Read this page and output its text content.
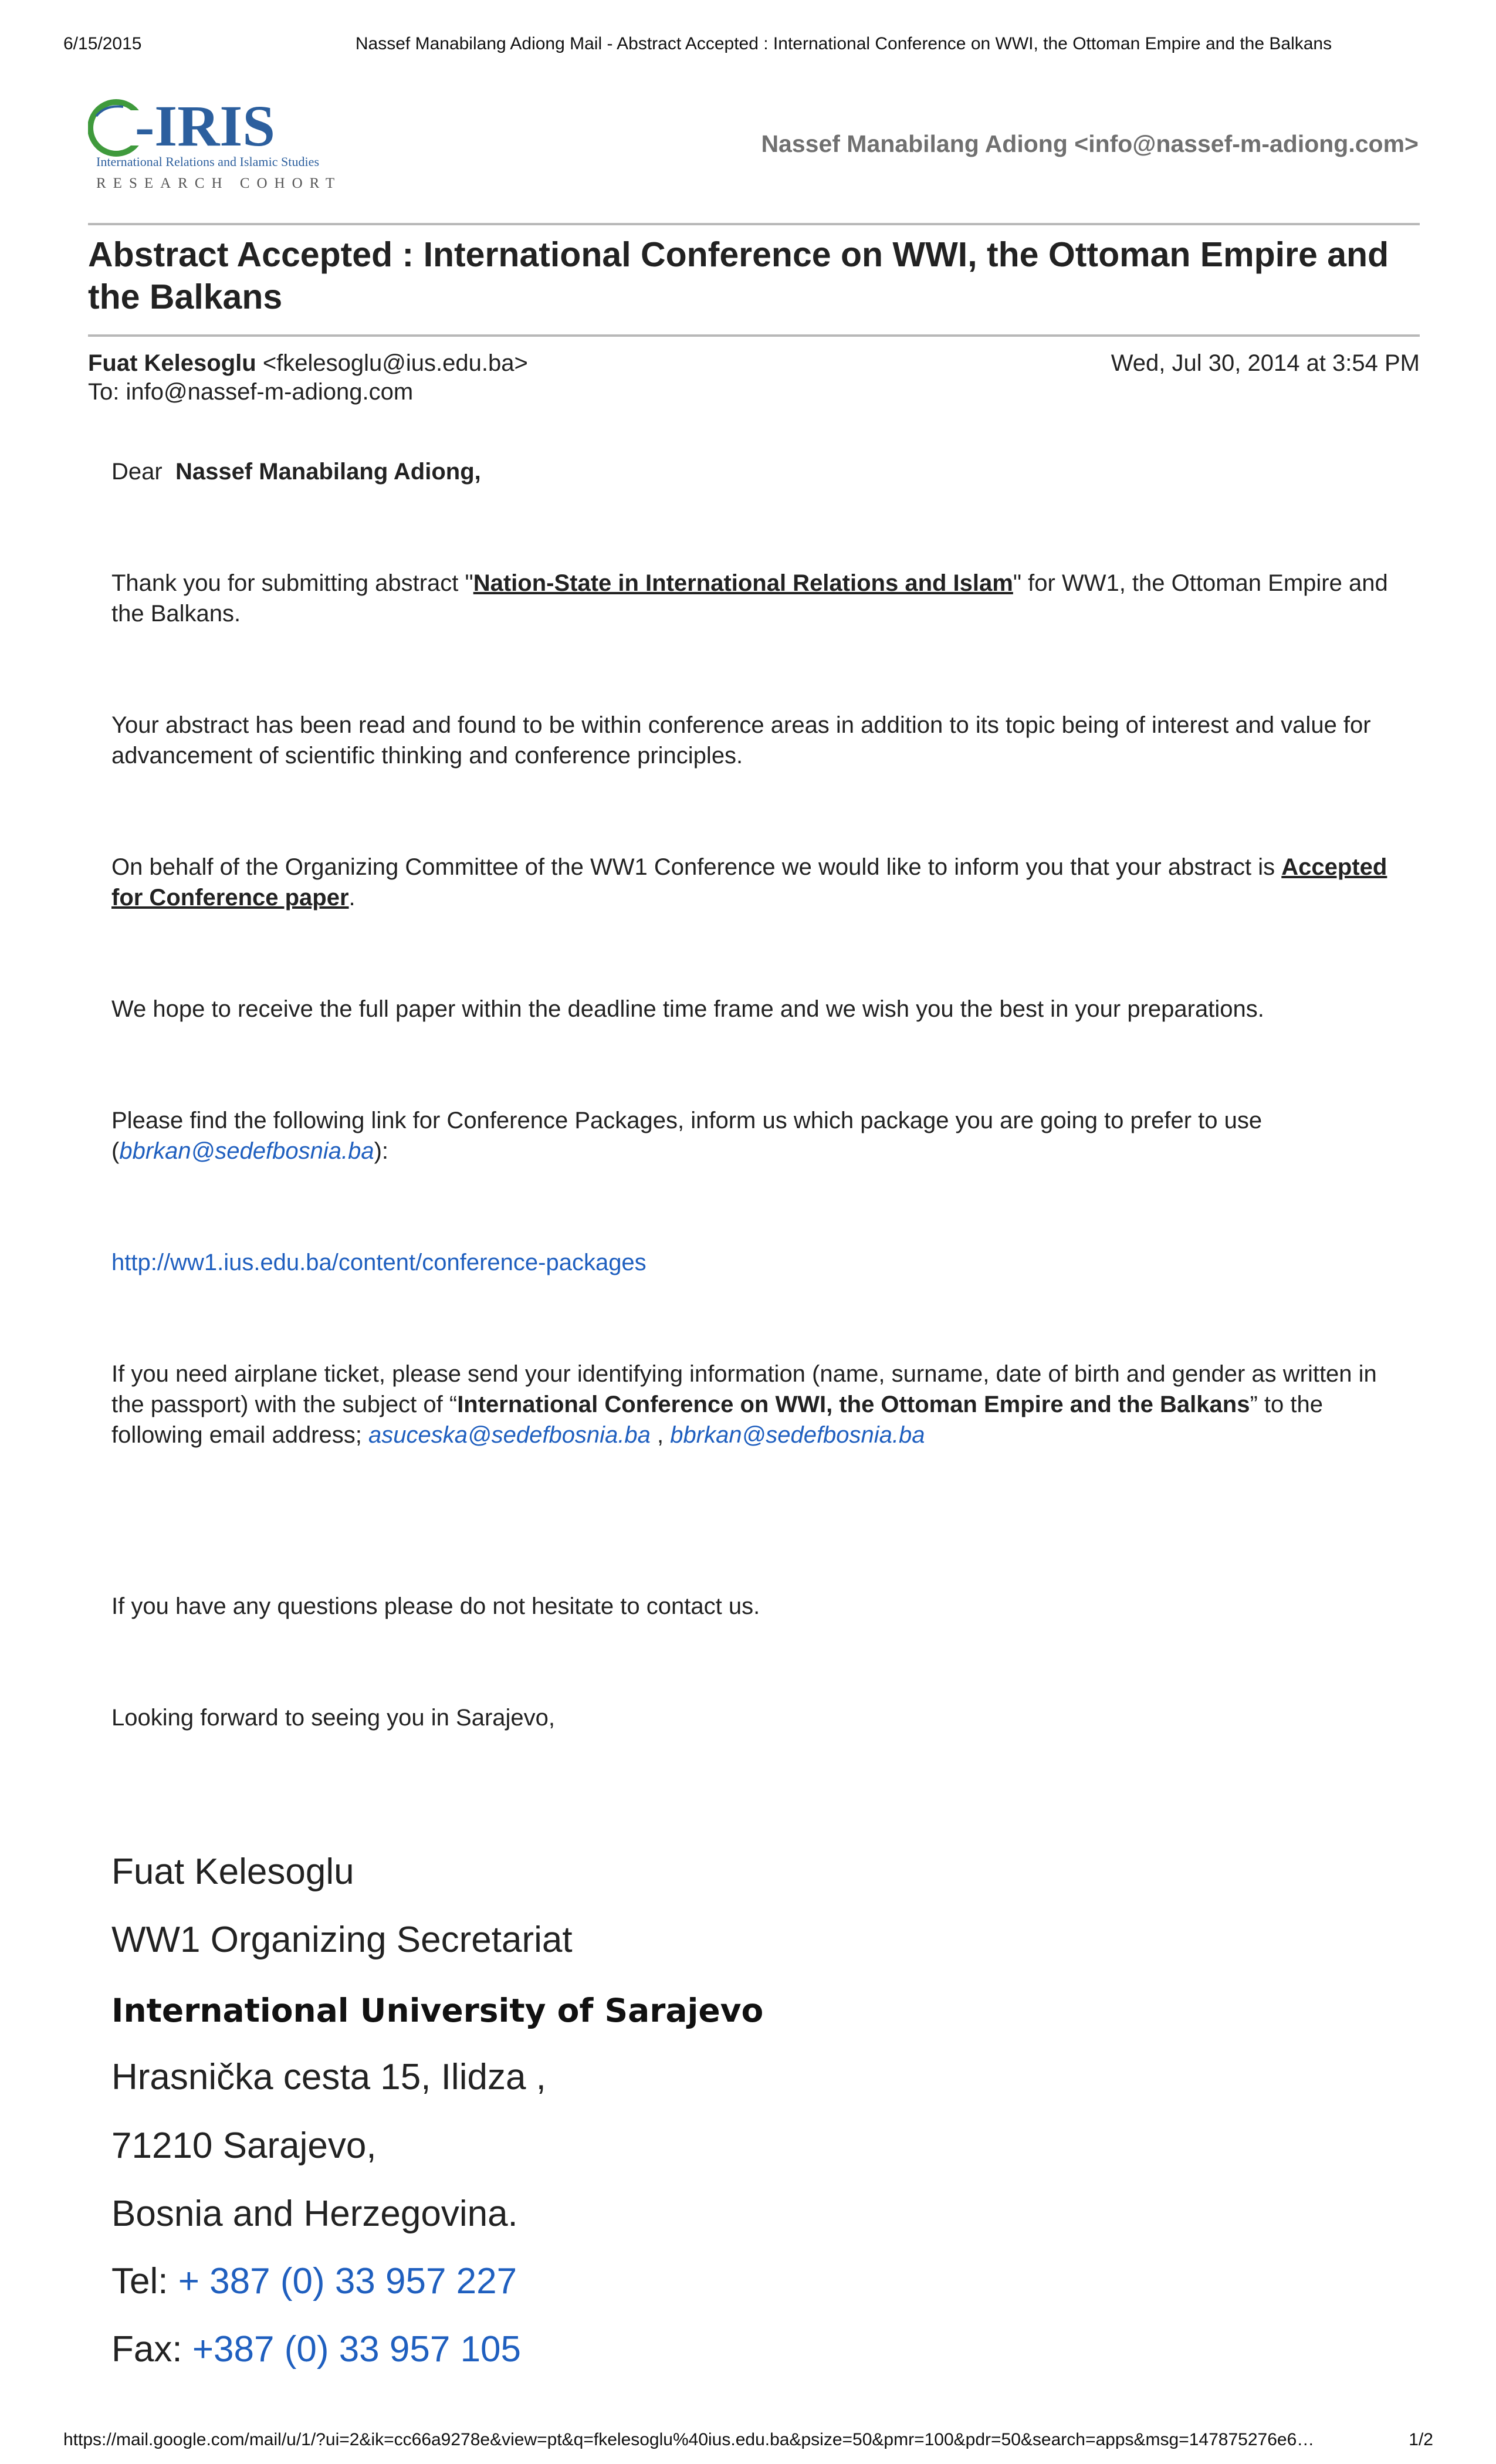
6/15/2015	Nassef Manabilang Adiong Mail - Abstract Accepted : International Conference on WWI, the Ottoman Empire and the Balkans
-IRIS
International Relations and Islamic Studies
RESEARCH COHORT
Nassef Manabilang Adiong <info@nassef-m-adiong.com>
Abstract Accepted : International Conference on WWI, the Ottoman Empire and the Balkans
Fuat Kelesoglu <fkelesoglu@ius.edu.ba>	Wed, Jul 30, 2014 at 3:54 PM
To: info@nassef-m-adiong.com

Dear Nassef Manabilang Adiong,

Thank you for submitting abstract "Nation-State in International Relations and Islam" for WW1, the Ottoman Empire and the Balkans.

Your abstract has been read and found to be within conference areas in addition to its topic being of interest and value for advancement of scientific thinking and conference principles.

On behalf of the Organizing Committee of the WW1 Conference we would like to inform you that your abstract is Accepted for Conference paper.

We hope to receive the full paper within the deadline time frame and we wish you the best in your preparations.

Please find the following link for Conference Packages, inform us which package you are going to prefer to use (bbrkan@sedefbosnia.ba):

http://ww1.ius.edu.ba/content/conference-packages

If you need airplane ticket, please send your identifying information (name, surname, date of birth and gender as written in the passport) with the subject of “International Conference on WWI, the Ottoman Empire and the Balkans” to the following email address; asuceska@sedefbosnia.ba , bbrkan@sedefbosnia.ba

If you have any questions please do not hesitate to contact us.

Looking forward to seeing you in Sarajevo,

Fuat Kelesoglu
WW1 Organizing Secretariat
International University of Sarajevo
Hrasnička cesta 15, Ilidza ,
71210 Sarajevo,
Bosnia and Herzegovina.
Tel: + 387 (0) 33 957 227
Fax: +387 (0) 33 957 105
https://mail.google.com/mail/u/1/?ui=2&ik=cc66a9278e&view=pt&q=fkelesoglu%40ius.edu.ba&psize=50&pmr=100&pdr=50&search=apps&msg=147875276e6…	1/2
